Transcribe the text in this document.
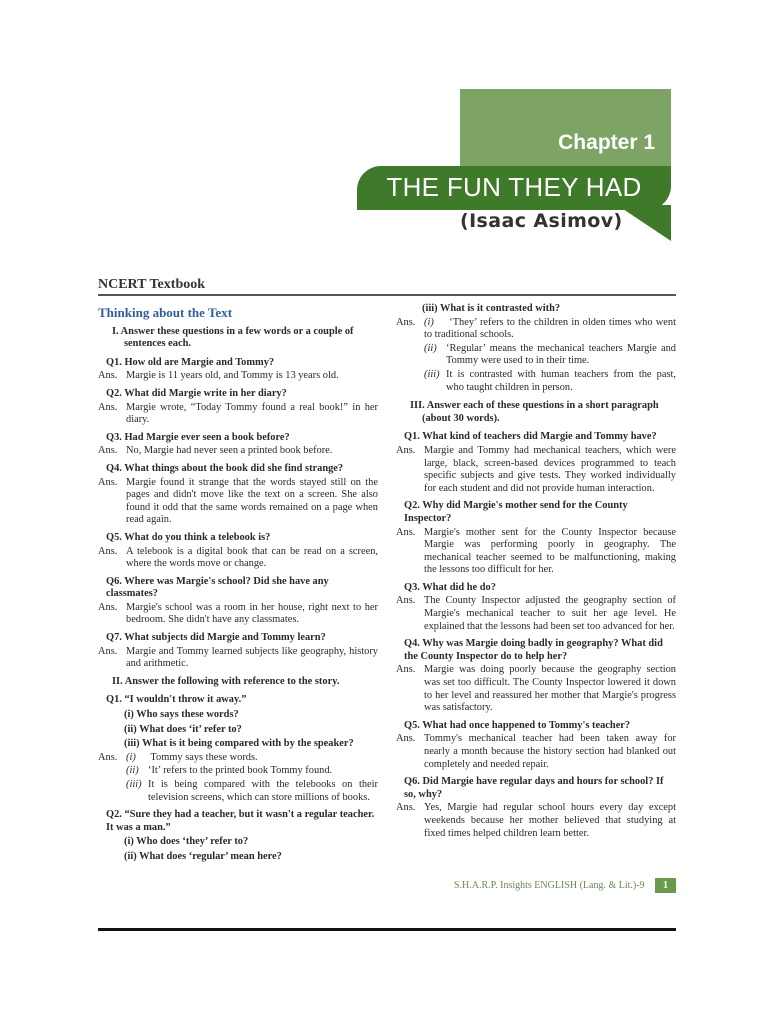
Chapter 1
THE FUN THEY HAD
(Isaac Asimov)
NCERT Textbook
Thinking about the Text
I. Answer these questions in a few words or a couple of sentences each.
Q1. How old are Margie and Tommy?
Ans. Margie is 11 years old, and Tommy is 13 years old.
Q2. What did Margie write in her diary?
Ans. Margie wrote, “Today Tommy found a real book!” in her diary.
Q3. Had Margie ever seen a book before?
Ans. No, Margie had never seen a printed book before.
Q4. What things about the book did she find strange?
Ans. Margie found it strange that the words stayed still on the pages and didn't move like the text on a screen. She also found it odd that the same words remained on a page when read again.
Q5. What do you think a telebook is?
Ans. A telebook is a digital book that can be read on a screen, where the words move or change.
Q6. Where was Margie's school? Did she have any classmates?
Ans. Margie's school was a room in her house, right next to her bedroom. She didn't have any classmates.
Q7. What subjects did Margie and Tommy learn?
Ans. Margie and Tommy learned subjects like geography, history and arithmetic.
II. Answer the following with reference to the story.
Q1. “I wouldn't throw it away.”
(i) Who says these words?
(ii) What does ‘it’ refer to?
(iii) What is it being compared with by the speaker?
Ans. (i) Tommy says these words.
(ii) ‘It’ refers to the printed book Tommy found.
(iii) It is being compared with the telebooks on their television screens, which can store millions of books.
Q2. “Sure they had a teacher, but it wasn't a regular teacher. It was a man.”
(i) Who does ‘they’ refer to?
(ii) What does ‘regular’ mean here?
(iii) What is it contrasted with?
Ans. (i) ‘They’ refers to the children in olden times who went to traditional schools.
(ii) ‘Regular’ means the mechanical teachers Margie and Tommy were used to in their time.
(iii) It is contrasted with human teachers from the past, who taught children in person.
III. Answer each of these questions in a short paragraph (about 30 words).
Q1. What kind of teachers did Margie and Tommy have?
Ans. Margie and Tommy had mechanical teachers, which were large, black, screen-based devices programmed to teach specific subjects and give tests. They worked individually for each student and did not provide human interaction.
Q2. Why did Margie's mother send for the County Inspector?
Ans. Margie's mother sent for the County Inspector because Margie was performing poorly in geography. The mechanical teacher seemed to be malfunctioning, making the lessons too difficult for her.
Q3. What did he do?
Ans. The County Inspector adjusted the geography section of Margie's mechanical teacher to suit her age level. He explained that the lessons had been set too advanced for her.
Q4. Why was Margie doing badly in geography? What did the County Inspector do to help her?
Ans. Margie was doing poorly because the geography section was set too difficult. The County Inspector lowered it down to her level and reassured her mother that Margie's progress was satisfactory.
Q5. What had once happened to Tommy's teacher?
Ans. Tommy's mechanical teacher had been taken away for nearly a month because the history section had blanked out completely and needed repair.
Q6. Did Margie have regular days and hours for school? If so, why?
Ans. Yes, Margie had regular school hours every day except weekends because her mother believed that studying at fixed times helped children learn better.
S.H.A.R.P. Insights ENGLISH (Lang. & Lit.)-9	1
